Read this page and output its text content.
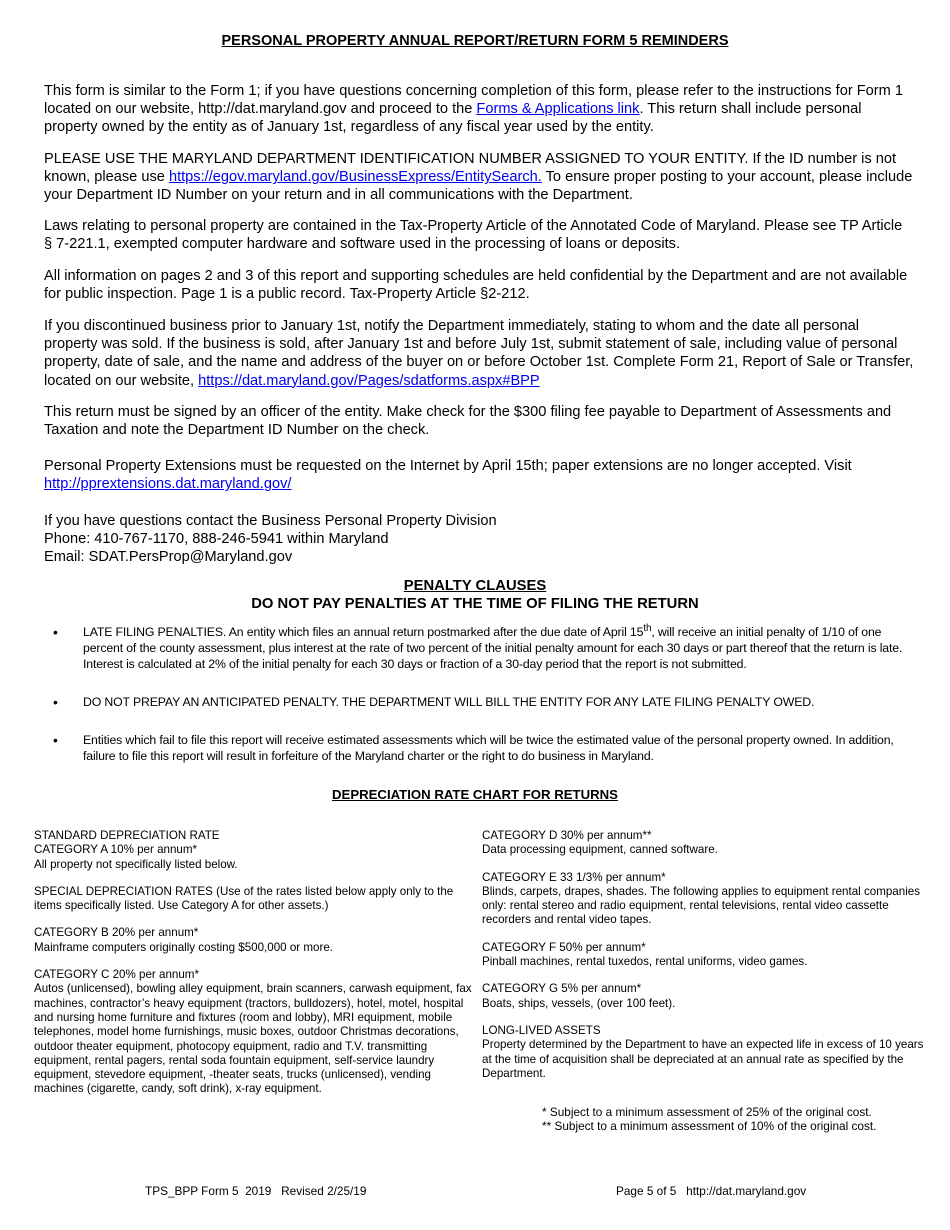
PERSONAL PROPERTY ANNUAL REPORT/RETURN FORM 5 REMINDERS

This form is similar to the Form 1; if you have questions concerning completion of this form, please refer to the instructions for Form 1 located on our website, http://dat.maryland.gov and proceed to the Forms & Applications link. This return shall include personal property owned by the entity as of January 1st, regardless of any fiscal year used by the entity.

PLEASE USE THE MARYLAND DEPARTMENT IDENTIFICATION NUMBER ASSIGNED TO YOUR ENTITY. If the ID number is not known, please use https://egov.maryland.gov/BusinessExpress/EntitySearch. To ensure proper posting to your account, please include your Department ID Number on your return and in all communications with the Department.

Laws relating to personal property are contained in the Tax-Property Article of the Annotated Code of Maryland. Please see TP Article § 7-221.1, exempted computer hardware and software used in the processing of loans or deposits.

All information on pages 2 and 3 of this report and supporting schedules are held confidential by the Department and are not available for public inspection. Page 1 is a public record. Tax-Property Article §2-212.

If you discontinued business prior to January 1st, notify the Department immediately, stating to whom and the date all personal property was sold. If the business is sold, after January 1st and before July 1st, submit statement of sale, including value of personal property, date of sale, and the name and address of the buyer on or before October 1st. Complete Form 21, Report of Sale or Transfer, located on our website, https://dat.maryland.gov/Pages/sdatforms.aspx#BPP

This return must be signed by an officer of the entity. Make check for the $300 filing fee payable to Department of Assessments and Taxation and note the Department ID Number on the check.

Personal Property Extensions must be requested on the Internet by April 15th; paper extensions are no longer accepted. Visit http://pprextensions.dat.maryland.gov/

If you have questions contact the Business Personal Property Division
Phone: 410-767-1170, 888-246-5941 within Maryland
Email: SDAT.PersProp@Maryland.gov
PENALTY CLAUSES
DO NOT PAY PENALTIES AT THE TIME OF FILING THE RETURN
• LATE FILING PENALTIES. An entity which files an annual return postmarked after the due date of April 15th, will receive an initial penalty of 1/10 of one percent of the county assessment, plus interest at the rate of two percent of the initial penalty amount for each 30 days or part thereof that the return is late. Interest is calculated at 2% of the initial penalty for each 30 days or fraction of a 30-day period that the report is not submitted.
• DO NOT PREPAY AN ANTICIPATED PENALTY. THE DEPARTMENT WILL BILL THE ENTITY FOR ANY LATE FILING PENALTY OWED.
• Entities which fail to file this report will receive estimated assessments which will be twice the estimated value of the personal property owned. In addition, failure to file this report will result in forfeiture of the Maryland charter or the right to do business in Maryland.
DEPRECIATION RATE CHART FOR RETURNS

STANDARD DEPRECIATION RATE
CATEGORY A 10% per annum*
All property not specifically listed below.

SPECIAL DEPRECIATION RATES (Use of the rates listed below apply only to the items specifically listed. Use Category A for other assets.)

CATEGORY B 20% per annum*
Mainframe computers originally costing $500,000 or more.

CATEGORY C 20% per annum*
Autos (unlicensed), bowling alley equipment, brain scanners, carwash equipment, fax machines, contractor’s heavy equipment (tractors, bulldozers), hotel, motel, hospital and nursing home furniture and fixtures (room and lobby), MRI equipment, mobile telephones, model home furnishings, music boxes, outdoor Christmas decorations, outdoor theater equipment, photocopy equipment, radio and T.V. transmitting equipment, rental pagers, rental soda fountain equipment, self-service laundry equipment, stevedore equipment, -theater seats, trucks (unlicensed), vending machines (cigarette, candy, soft drink), x-ray equipment.

CATEGORY D 30% per annum**
Data processing equipment, canned software.

CATEGORY E 33 1/3% per annum*
Blinds, carpets, drapes, shades. The following applies to equipment rental companies only: rental stereo and radio equipment, rental televisions, rental video cassette recorders and rental video tapes.

CATEGORY F 50% per annum*
Pinball machines, rental tuxedos, rental uniforms, video games.

CATEGORY G 5% per annum*
Boats, ships, vessels, (over 100 feet).

LONG-LIVED ASSETS
Property determined by the Department to have an expected life in excess of 10 years at the time of acquisition shall be depreciated at an annual rate as specified by the Department.

* Subject to a minimum assessment of 25% of the original cost.
** Subject to a minimum assessment of 10% of the original cost.
TPS_BPP Form 5  2019   Revised 2/25/19	Page 5 of 5   http://dat.maryland.gov
